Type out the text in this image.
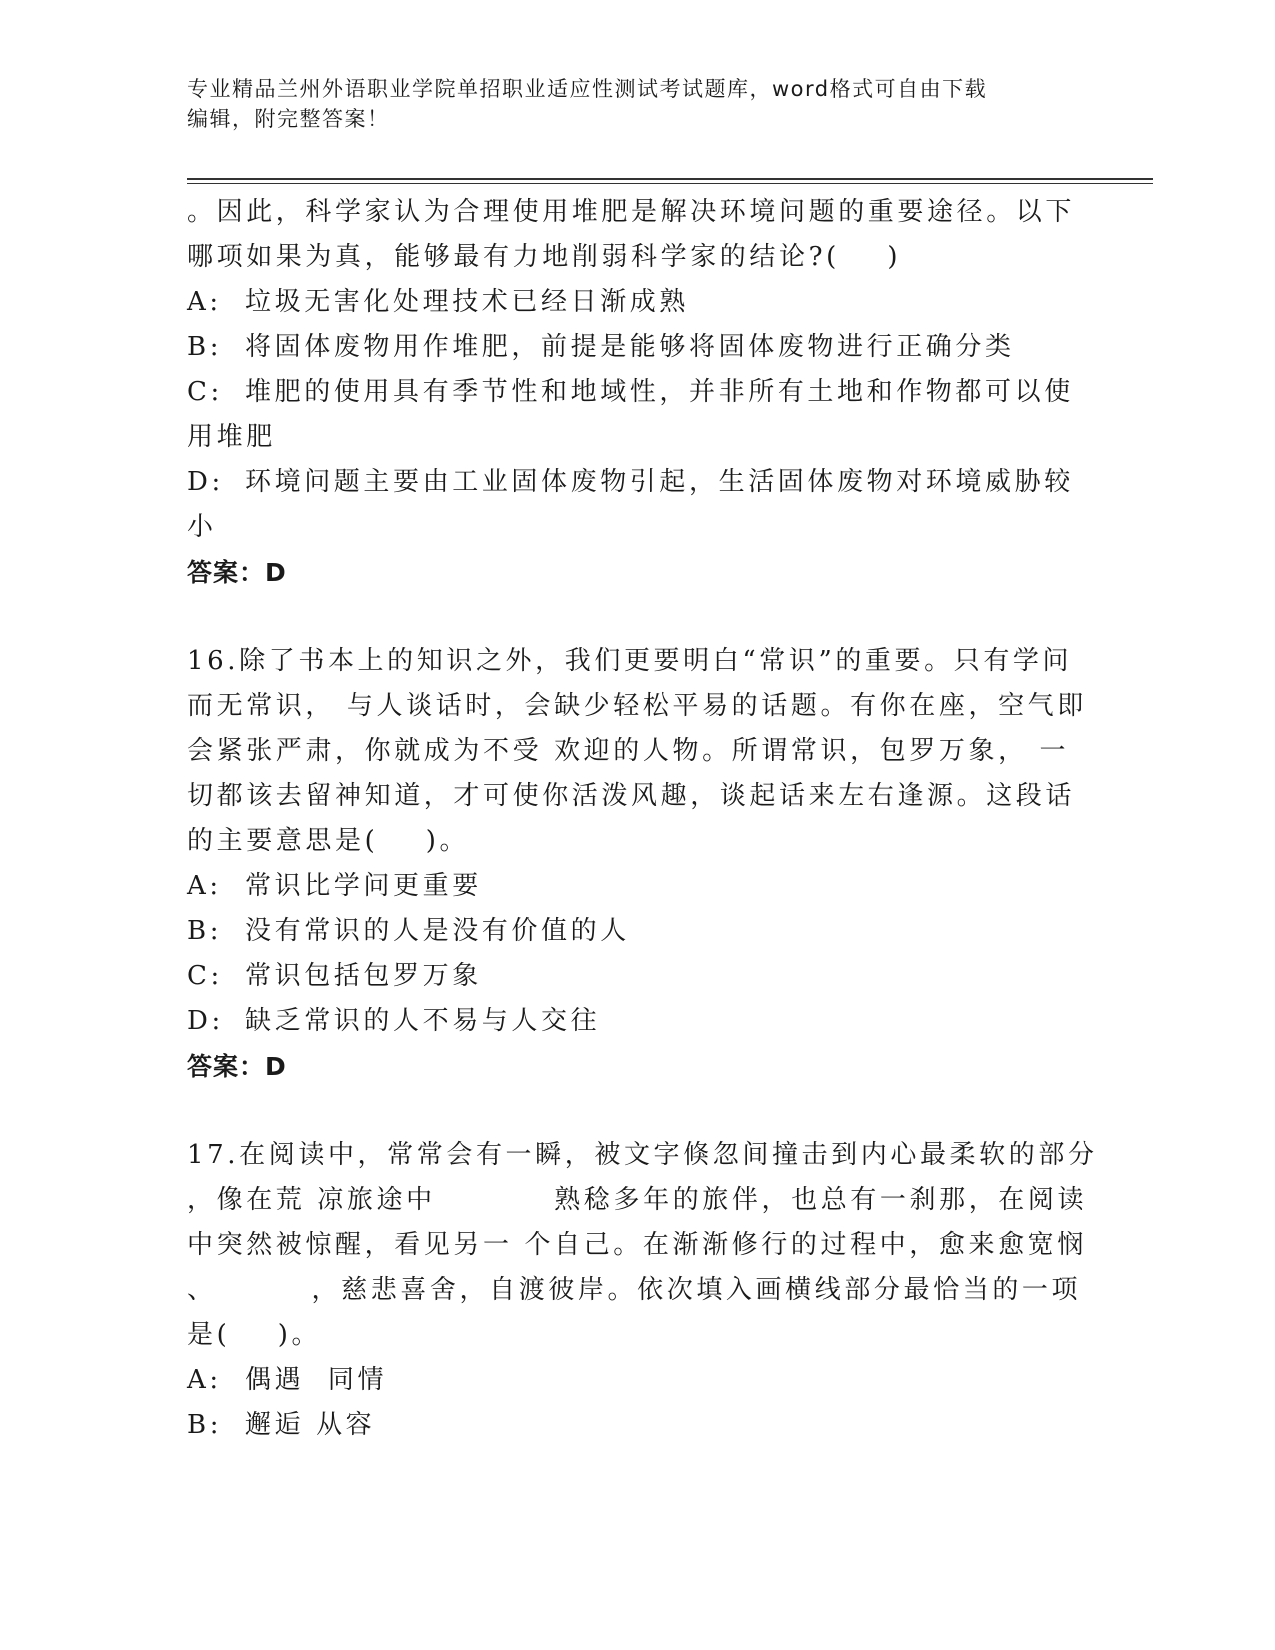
专业精品兰州外语职业学院单招职业适应性测试考试题库，word格式可自由下载
编辑，附完整答案！
。因此，科学家认为合理使用堆肥是解决环境问题的重要途径。以下
哪项如果为真，能够最有力地削弱科学家的结论?(    )
A: 垃圾无害化处理技术已经日渐成熟
B: 将固体废物用作堆肥，前提是能够将固体废物进行正确分类
C: 堆肥的使用具有季节性和地域性，并非所有土地和作物都可以使
用堆肥
D: 环境问题主要由工业固体废物引起，生活固体废物对环境威胁较
小
答案：D
16.除了书本上的知识之外，我们更要明白“常识”的重要。只有学问
而无常识， 与人谈话时，会缺少轻松平易的话题。有你在座，空气即
会紧张严肃，你就成为不受 欢迎的人物。所谓常识，包罗万象， 一
切都该去留神知道，才可使你活泼风趣，谈起话来左右逢源。这段话
的主要意思是(    )。
A: 常识比学问更重要
B: 没有常识的人是没有价值的人
C: 常识包括包罗万象
D: 缺乏常识的人不易与人交往
答案：D
17.在阅读中，常常会有一瞬，被文字倏忽间撞击到内心最柔软的部分
，像在荒 凉旅途中          熟稔多年的旅伴，也总有一刹那，在阅读
中突然被惊醒，看见另一 个自己。在渐渐修行的过程中，愈来愈宽悯
、        ，慈悲喜舍，自渡彼岸。依次填入画横线部分最恰当的一项
是(    )。
A: 偶遇  同情
B: 邂逅 从容
